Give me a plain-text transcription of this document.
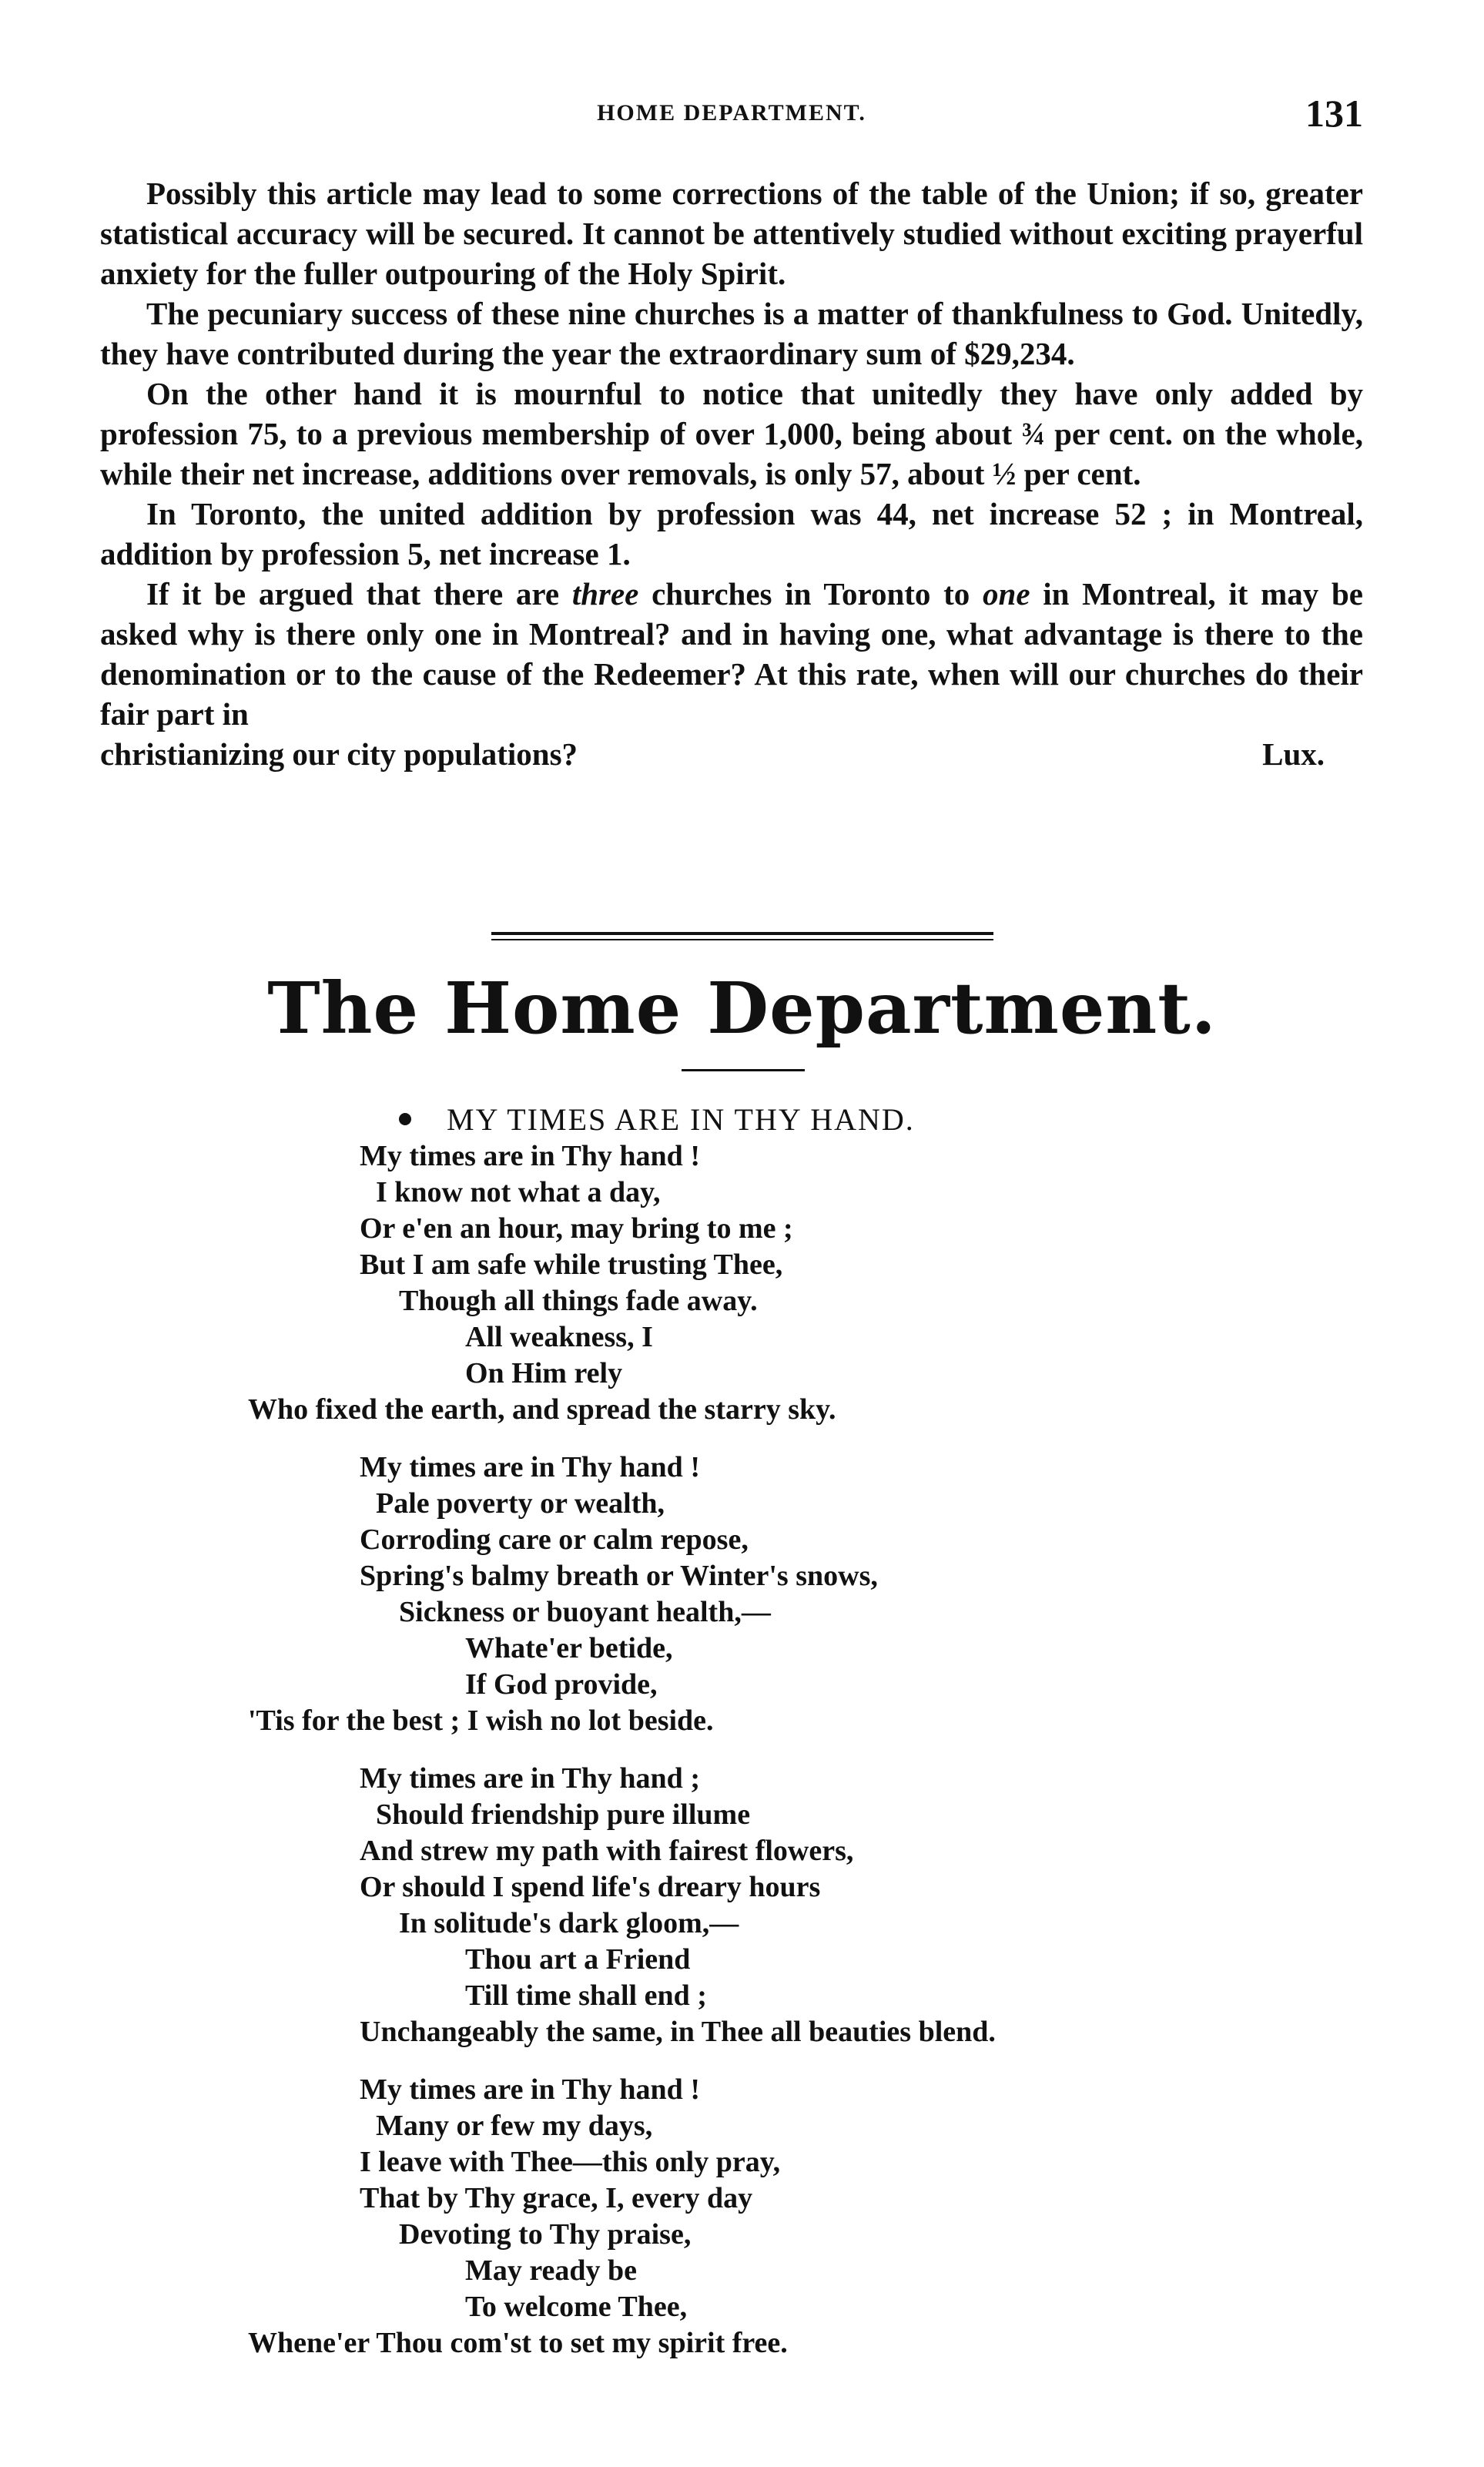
HOME DEPARTMENT.	131

Possibly this article may lead to some corrections of the table of the Union; if so, greater statistical accuracy will be secured. It cannot be attentively studied without exciting prayerful anxiety for the fuller outpouring of the Holy Spirit.

The pecuniary success of these nine churches is a matter of thankfulness to God. Unitedly, they have contributed during the year the extraordinary sum of $29,234.

On the other hand it is mournful to notice that unitedly they have only added by profession 75, to a previous membership of over 1,000, being about ¾ per cent. on the whole, while their net increase, additions over removals, is only 57, about ½ per cent.

In Toronto, the united addition by profession was 44, net increase 52 ; in Montreal, addition by profession 5, net increase 1.

If it be argued that there are three churches in Toronto to one in Montreal, it may be asked why is there only one in Montreal? and in having one, what advantage is there to the denomination or to the cause of the Redeemer? At this rate, when will our churches do their fair part in

christianizing our city populations?	Lux.
The Home Department.
MY TIMES ARE IN THY HAND.
My times are in Thy hand !
I know not what a day,
Or e'en an hour, may bring to me ;
But I am safe while trusting Thee,
Though all things fade away.
All weakness, I
On Him rely
Who fixed the earth, and spread the starry sky.
My times are in Thy hand !
Pale poverty or wealth,
Corroding care or calm repose,
Spring's balmy breath or Winter's snows,
Sickness or buoyant health,—
Whate'er betide,
If God provide,
'Tis for the best ; I wish no lot beside.
My times are in Thy hand ;
Should friendship pure illume
And strew my path with fairest flowers,
Or should I spend life's dreary hours
In solitude's dark gloom,—
Thou art a Friend
Till time shall end ;
Unchangeably the same, in Thee all beauties blend.
My times are in Thy hand !
Many or few my days,
I leave with Thee—this only pray,
That by Thy grace, I, every day
Devoting to Thy praise,
May ready be
To welcome Thee,
Whene'er Thou com'st to set my spirit free.
